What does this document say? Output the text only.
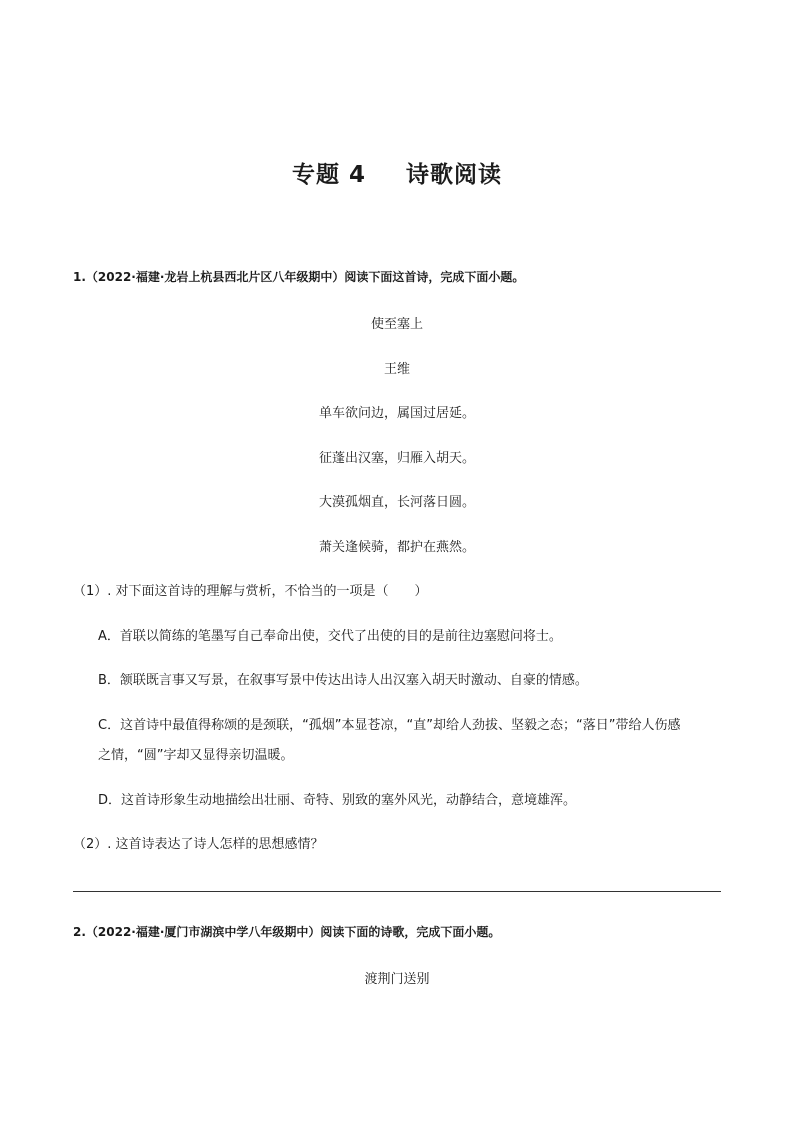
专题 4 诗歌阅读
1.（2022·福建·龙岩上杭县西北片区八年级期中）阅读下面这首诗，完成下面小题。
使至塞上
王维
单车欲问边，属国过居延。
征蓬出汉塞，归雁入胡天。
大漠孤烟直，长河落日圆。
萧关逢候骑，都护在燕然。
（1）. 对下面这首诗的理解与赏析，不恰当的一项是（　　）
A．首联以简练的笔墨写自己奉命出使，交代了出使的目的是前往边塞慰问将士。
B．颔联既言事又写景，在叙事写景中传达出诗人出汉塞入胡天时激动、自豪的情感。
C．这首诗中最值得称颂的是颈联，“孤烟”本显苍凉，“直”却给人劲拔、坚毅之态；“落日”带给人伤感
之情，“圆”字却又显得亲切温暖。
D．这首诗形象生动地描绘出壮丽、奇特、别致的塞外风光，动静结合，意境雄浑。
（2）. 这首诗表达了诗人怎样的思想感情？
2.（2022·福建·厦门市湖滨中学八年级期中）阅读下面的诗歌，完成下面小题。
渡荆门送别
